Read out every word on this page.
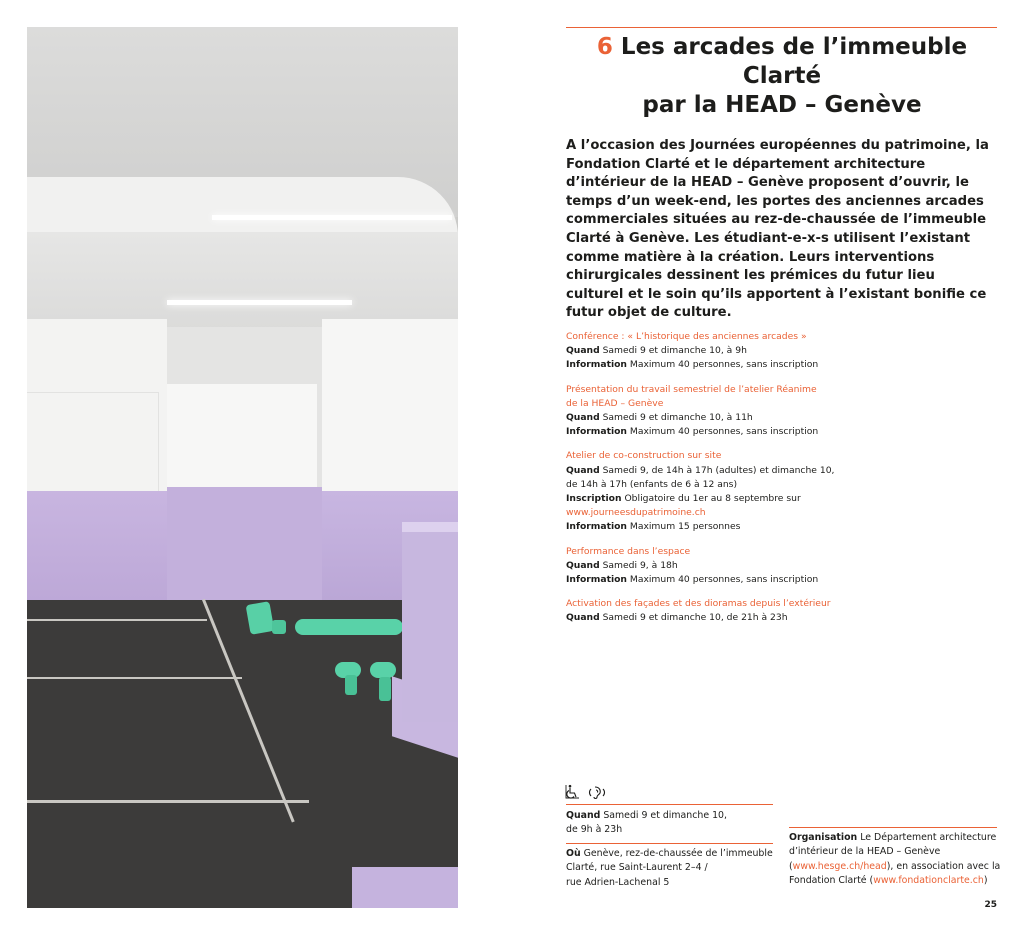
6 Les arcades de l’immeuble Clarté
par la HEAD – Genève

A l’occasion des Journées européennes du patrimoine, la Fondation Clarté et le département architecture d’intérieur de la HEAD – Genève proposent d’ouvrir, le temps d’un week-end, les portes des anciennes arcades commerciales situées au rez-de-chaussée de l’immeuble Clarté à Genève. Les étudiant-e-x-s utilisent l’existant comme matière à la création. Leurs interventions chirurgicales dessinent les prémices du futur lieu culturel et le soin qu’ils apportent à l’existant bonifie ce futur objet de culture.

Conférence : « L’historique des anciennes arcades »
Quand Samedi 9 et dimanche 10, à 9h
Information Maximum 40 personnes, sans inscription
Présentation du travail semestriel de l’atelier Réanime
de la HEAD – Genève
Quand Samedi 9 et dimanche 10, à 11h
Information Maximum 40 personnes, sans inscription
Atelier de co-construction sur site
Quand Samedi 9, de 14h à 17h (adultes) et dimanche 10,
de 14h à 17h (enfants de 6 à 12 ans)
Inscription Obligatoire du 1er au 8 septembre sur
www.journeesdupatrimoine.ch
Information Maximum 15 personnes
Performance dans l’espace
Quand Samedi 9, à 18h
Information Maximum 40 personnes, sans inscription
Activation des façades et des dioramas depuis l’extérieur
Quand Samedi 9 et dimanche 10, de 21h à 23h
Quand Samedi 9 et dimanche 10,
de 9h à 23h
Où Genève, rez-de-chaussée de l’immeuble
Clarté, rue Saint-Laurent 2–4 /
rue Adrien-Lachenal 5
Organisation Le Département architecture
d’intérieur de la HEAD – Genève
(www.hesge.ch/head), en association avec la
Fondation Clarté (www.fondationclarte.ch)
25
